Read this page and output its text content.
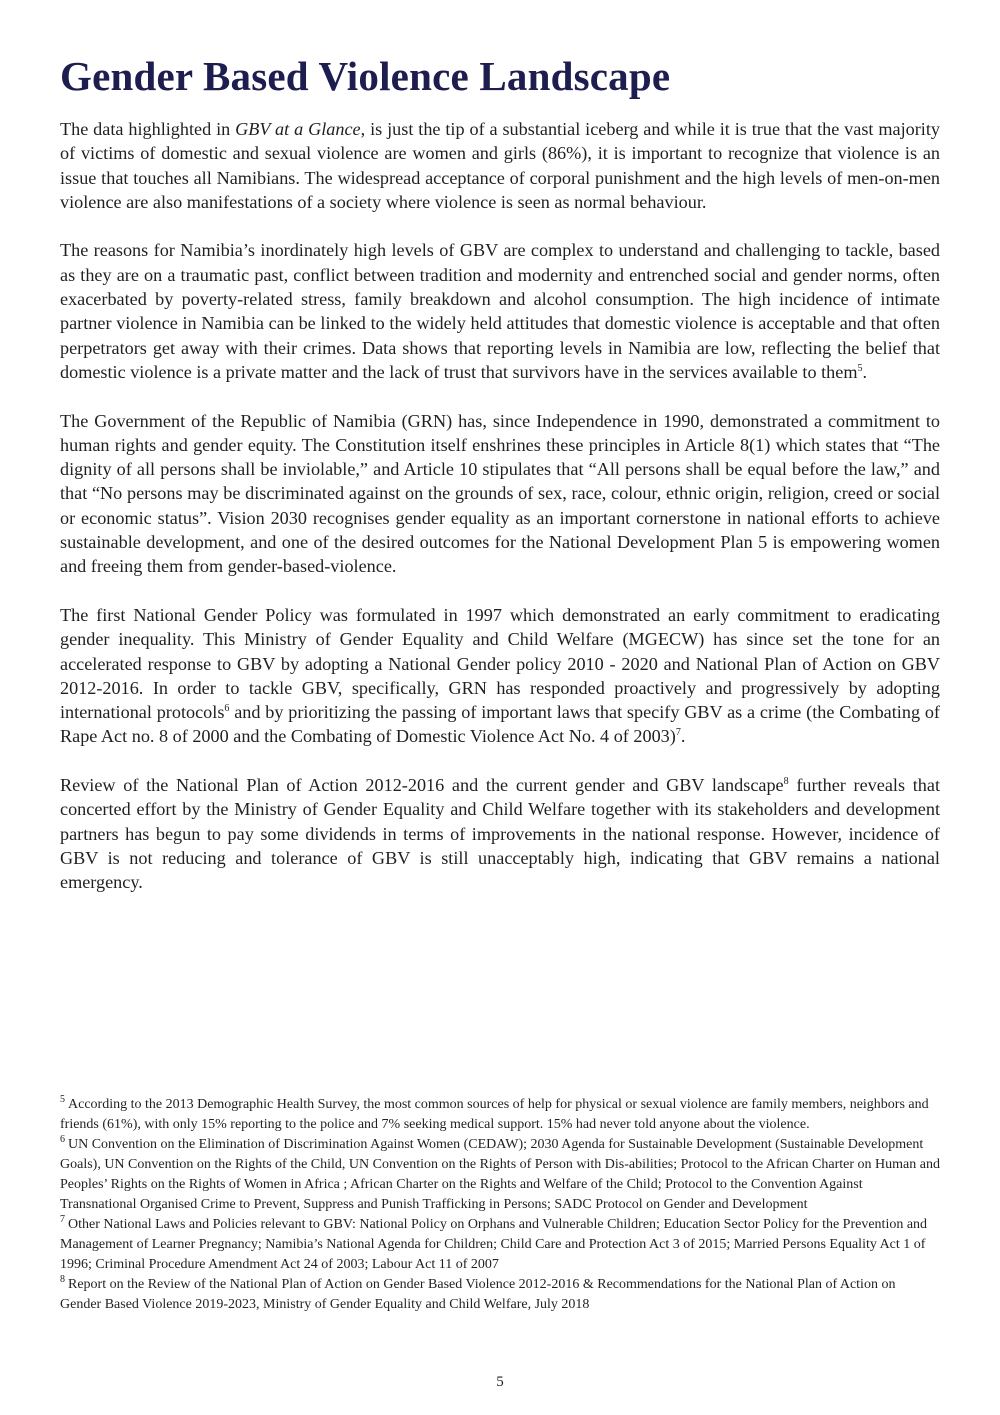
Gender Based Violence Landscape

The data highlighted in GBV at a Glance, is just the tip of a substantial iceberg and while it is true that the vast majority of victims of domestic and sexual violence are women and girls (86%), it is important to recognize that violence is an issue that touches all Namibians. The widespread acceptance of corporal punishment and the high levels of men-on-men violence are also manifestations of a society where violence is seen as normal behaviour.

The reasons for Namibia’s inordinately high levels of GBV are complex to understand and challenging to tackle, based as they are on a traumatic past, conflict between tradition and modernity and entrenched social and gender norms, often exacerbated by poverty-related stress, family breakdown and alcohol consumption. The high incidence of intimate partner violence in Namibia can be linked to the widely held attitudes that domestic violence is acceptable and that often perpetrators get away with their crimes. Data shows that reporting levels in Namibia are low, reflecting the belief that domestic violence is a private matter and the lack of trust that survivors have in the services available to them$^5$.

The Government of the Republic of Namibia (GRN) has, since Independence in 1990, demonstrated a commitment to human rights and gender equity. The Constitution itself enshrines these principles in Article 8(1) which states that “The dignity of all persons shall be inviolable,” and Article 10 stipulates that “All persons shall be equal before the law,” and that “No persons may be discriminated against on the grounds of sex, race, colour, ethnic origin, religion, creed or social or economic status”. Vision 2030 recognises gender equality as an important cornerstone in national efforts to achieve sustainable development, and one of the desired outcomes for the National Development Plan 5 is empowering women and freeing them from gender-based-violence.

The first National Gender Policy was formulated in 1997 which demonstrated an early commitment to eradicating gender inequality. This Ministry of Gender Equality and Child Welfare (MGECW) has since set the tone for an accelerated response to GBV by adopting a National Gender policy 2010 - 2020 and National Plan of Action on GBV 2012-2016. In order to tackle GBV, specifically, GRN has responded proactively and progressively by adopting international protocols$^6$ and by prioritizing the passing of important laws that specify GBV as a crime (the Combating of Rape Act no. 8 of 2000 and the Combating of Domestic Violence Act No. 4 of 2003)$^7$.

Review of the National Plan of Action 2012-2016 and the current gender and GBV landscape$^8$ further reveals that concerted effort by the Ministry of Gender Equality and Child Welfare together with its stakeholders and development partners has begun to pay some dividends in terms of improvements in the national response. However, incidence of GBV is not reducing and tolerance of GBV is still unacceptably high, indicating that GBV remains a national emergency.

$^5$ According to the 2013 Demographic Health Survey, the most common sources of help for physical or sexual violence are family members, neighbors and friends (61%), with only 15% reporting to the police and 7% seeking medical support. 15% had never told anyone about the violence.

$^6$ UN Convention on the Elimination of Discrimination Against Women (CEDAW); 2030 Agenda for Sustainable Development (Sustainable Development Goals), UN Convention on the Rights of the Child, UN Convention on the Rights of Person with Dis-abilities; Protocol to the African Charter on Human and Peoples’ Rights on the Rights of Women in Africa ; African Charter on the Rights and Welfare of the Child; Protocol to the Convention Against Transnational Organised Crime to Prevent, Suppress and Punish Trafficking in Persons; SADC Protocol on Gender and Development

$^7$ Other National Laws and Policies relevant to GBV: National Policy on Orphans and Vulnerable Children; Education Sector Policy for the Prevention and Management of Learner Pregnancy; Namibia’s National Agenda for Children; Child Care and Protection Act 3 of 2015; Married Persons Equality Act 1 of 1996; Criminal Procedure Amendment Act 24 of 2003; Labour Act 11 of 2007

$^8$ Report on the Review of the National Plan of Action on Gender Based Violence 2012-2016 & Recommendations for the National Plan of Action on Gender Based Violence 2019-2023, Ministry of Gender Equality and Child Welfare, July 2018

5
